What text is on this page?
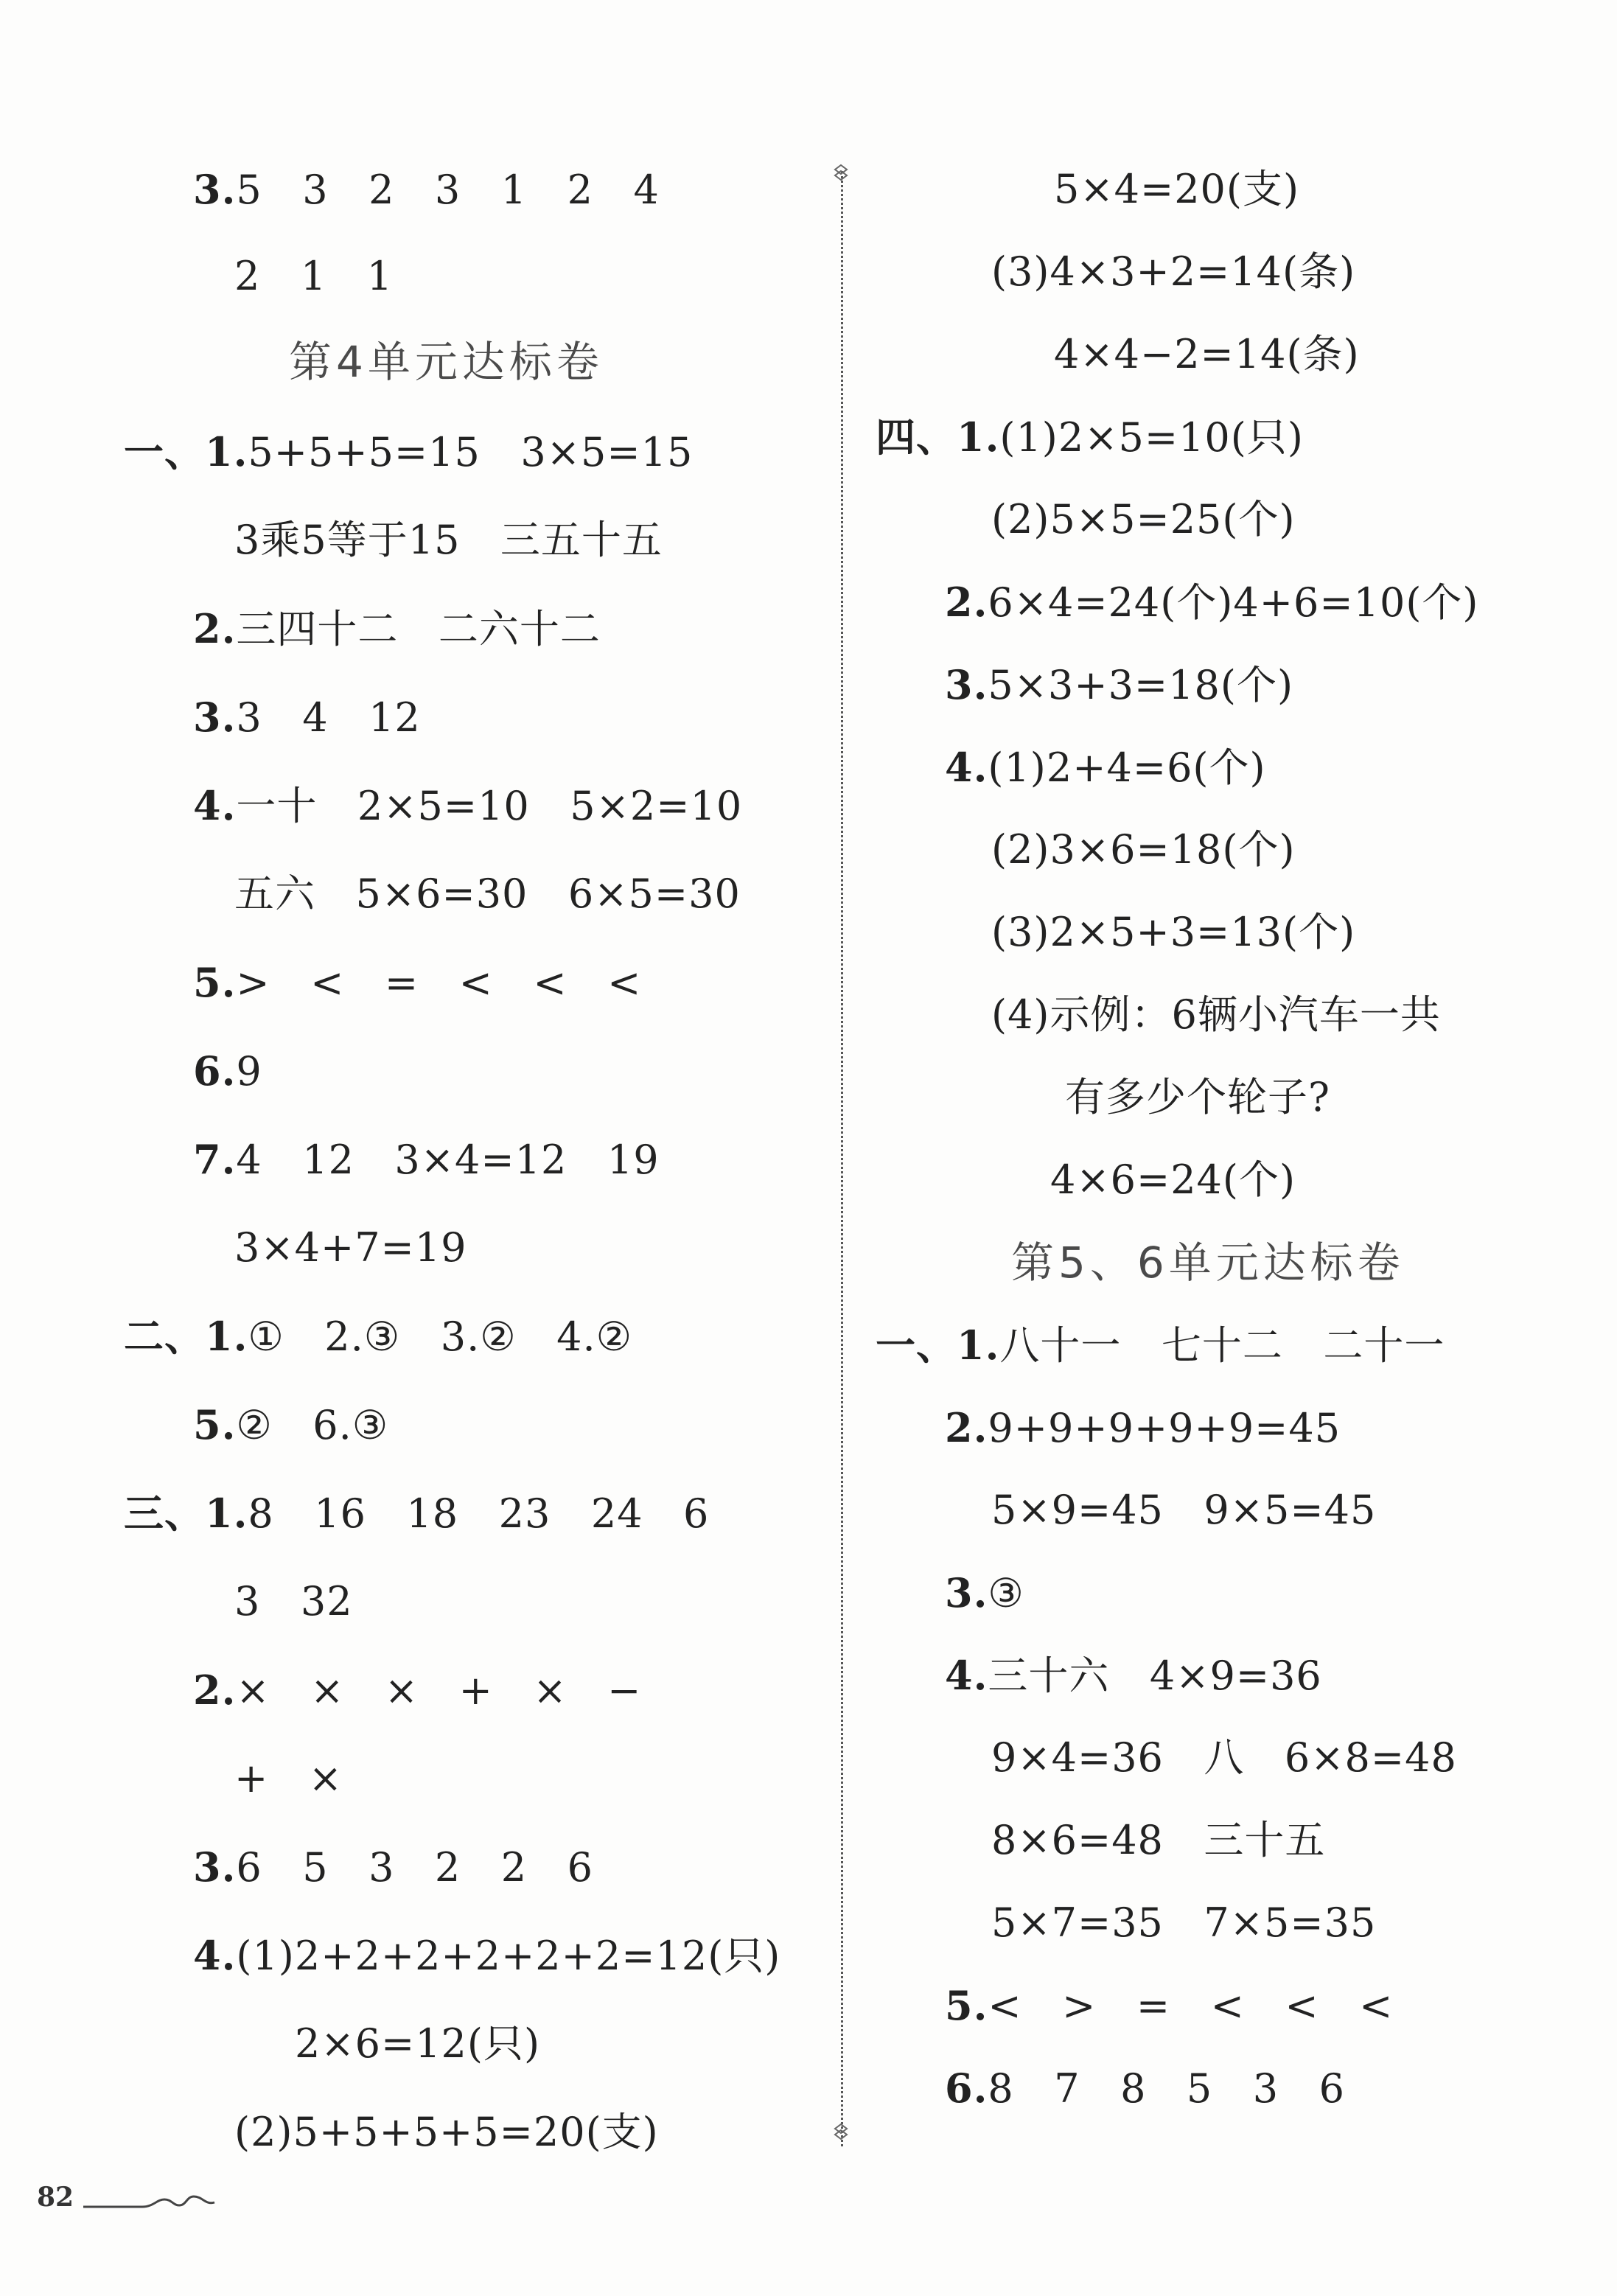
3.5   3   2   3   1   2   4
2   1   1
第4单元达标卷
一、1.5+5+5=15   3×5=15
3乘5等于15   三五十五
2.三四十二   二六十二
3.3   4   12
4.一十   2×5=10   5×2=10
五六   5×6=30   6×5=30
5.>   <   =   <   <   <
6.9
7.4   12   3×4=12   19
3×4+7=19
二、1.①   2.③   3.②   4.②
5.②   6.③
三、1.8   16   18   23   24   6
3   32
2.×   ×   ×   +   ×   −
+   ×
3.6   5   3   2   2   6
4.(1)2+2+2+2+2+2=12(只)
2×6=12(只)
(2)5+5+5+5=20(支)
5×4=20(支)
(3)4×3+2=14(条)
4×4−2=14(条)
四、1.(1)2×5=10(只)
(2)5×5=25(个)
2.6×4=24(个)4+6=10(个)
3.5×3+3=18(个)
4.(1)2+4=6(个)
(2)3×6=18(个)
(3)2×5+3=13(个)
(4)示例：6辆小汽车一共
有多少个轮子?
4×6=24(个)
第5、6单元达标卷
一、1.八十一   七十二   二十一
2.9+9+9+9+9=45
5×9=45   9×5=45
3.③
4.三十六   4×9=36
9×4=36   八   6×8=48
8×6=48   三十五
5×7=35   7×5=35
5.<   >   =   <   <   <
6.8   7   8   5   3   6
82
